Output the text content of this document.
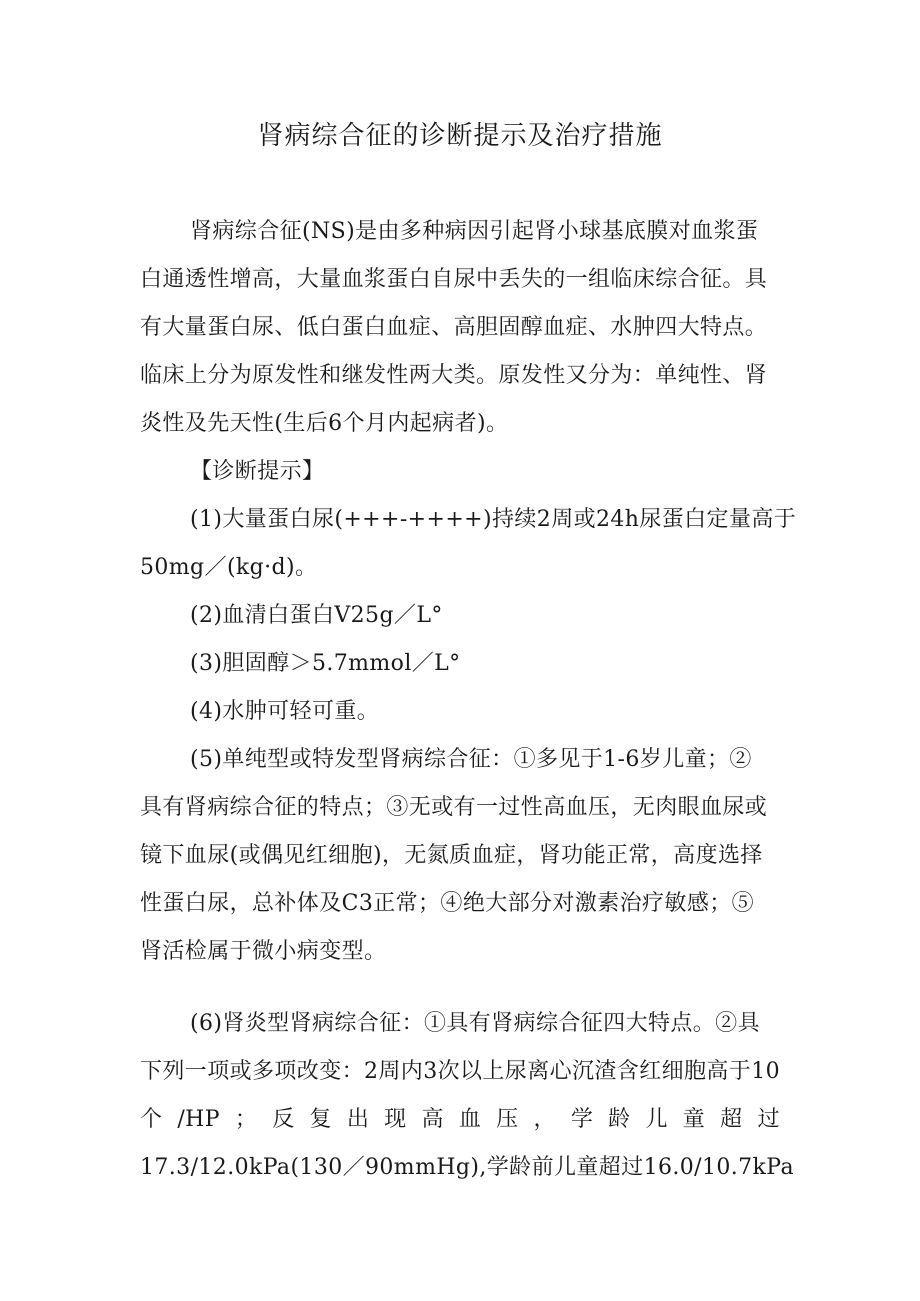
肾病综合征的诊断提示及治疗措施
肾病综合征(NS)是由多种病因引起肾小球基底膜对血浆蛋
白通透性增高，大量血浆蛋白自尿中丢失的一组临床综合征。具
有大量蛋白尿、低白蛋白血症、高胆固醇血症、水肿四大特点。
临床上分为原发性和继发性两大类。原发性又分为：单纯性、肾
炎性及先天性(生后6个月内起病者)。
【诊断提示】
(1)大量蛋白尿(+++-++++)持续2周或24h尿蛋白定量高于
50mg／(kg·d)。
(2)血清白蛋白V25g／L°
(3)胆固醇＞5.7mmol／L°
(4)水肿可轻可重。
(5)单纯型或特发型肾病综合征：①多见于1-6岁儿童；②
具有肾病综合征的特点；③无或有一过性高血压，无肉眼血尿或
镜下血尿(或偶见红细胞)，无氮质血症，肾功能正常，高度选择
性蛋白尿，总补体及C3正常；④绝大部分对激素治疗敏感；⑤
肾活检属于微小病变型。
(6)肾炎型肾病综合征：①具有肾病综合征四大特点。②具
下列一项或多项改变：2周内3次以上尿离心沉渣含红细胞高于10
个 /HP ； 反 复 出 现 高 血 压 ， 学 龄 儿 童 超 过
17.3/12.0kPa(130／90mmHg),学龄前儿童超过16.0/10.7kPa
